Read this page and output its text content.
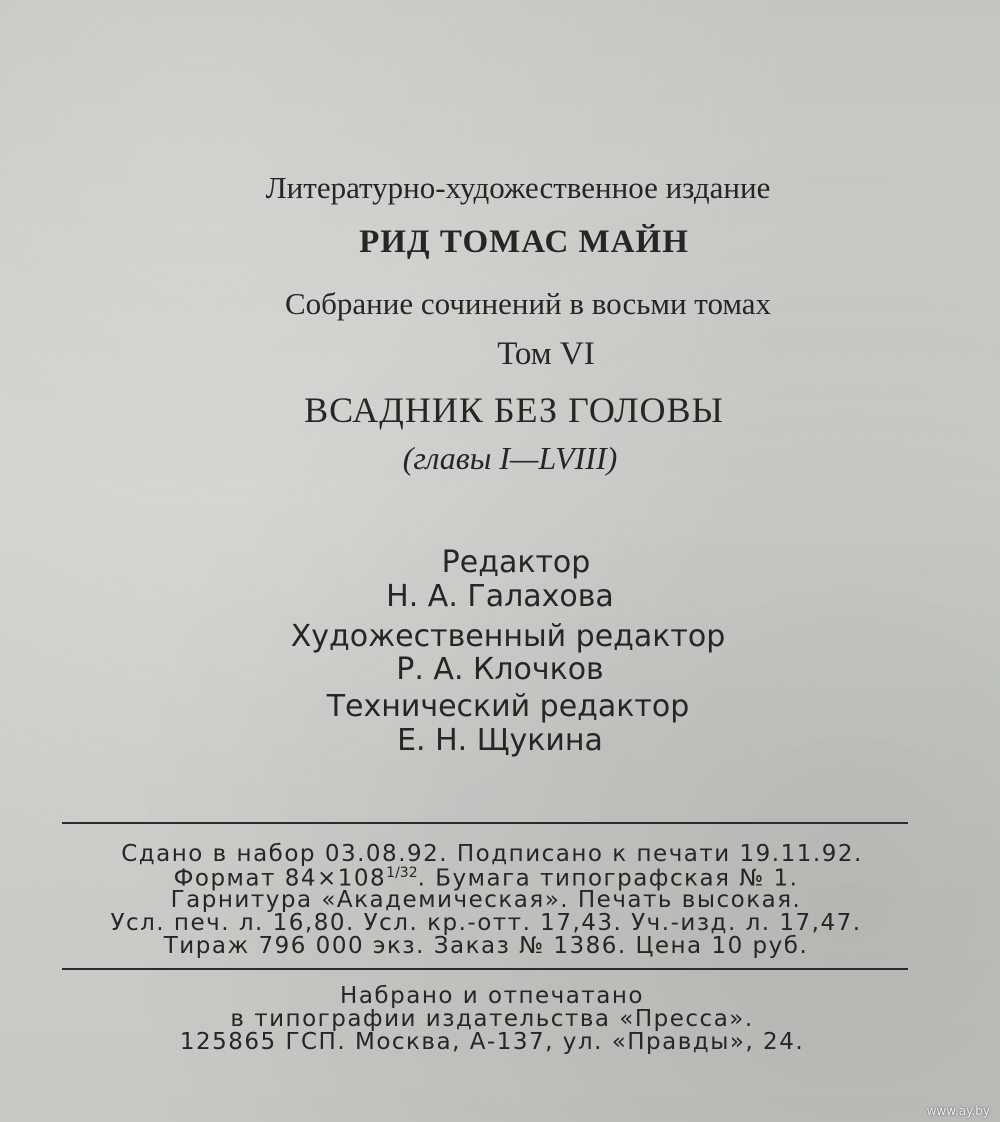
Литературно-художественное издание
РИД ТОМАС МАЙН
Собрание сочинений в восьми томах
Том VI
ВСАДНИК БЕЗ ГОЛОВЫ
(главы I—LVIII)
Редактор
Н. А. Галахова
Художественный редактор
Р. А. Клочков
Технический редактор
Е. Н. Щукина
Сдано в набор 03.08.92. Подписано к печати 19.11.92.
Формат $84\times 108^{1/32}$. Бумага типографская № 1.
Гарнитура «Академическая». Печать высокая.
Усл. печ. л. 16,80. Усл. кр.-отт. 17,43. Уч.-изд. л. 17,47.
Тираж 796 000 экз. Заказ № 1386. Цена 10 руб.
Набрано и отпечатано
в типографии издательства «Пресса».
125865 ГСП. Москва, А-137, ул. «Правды», 24.
www.ay.by
